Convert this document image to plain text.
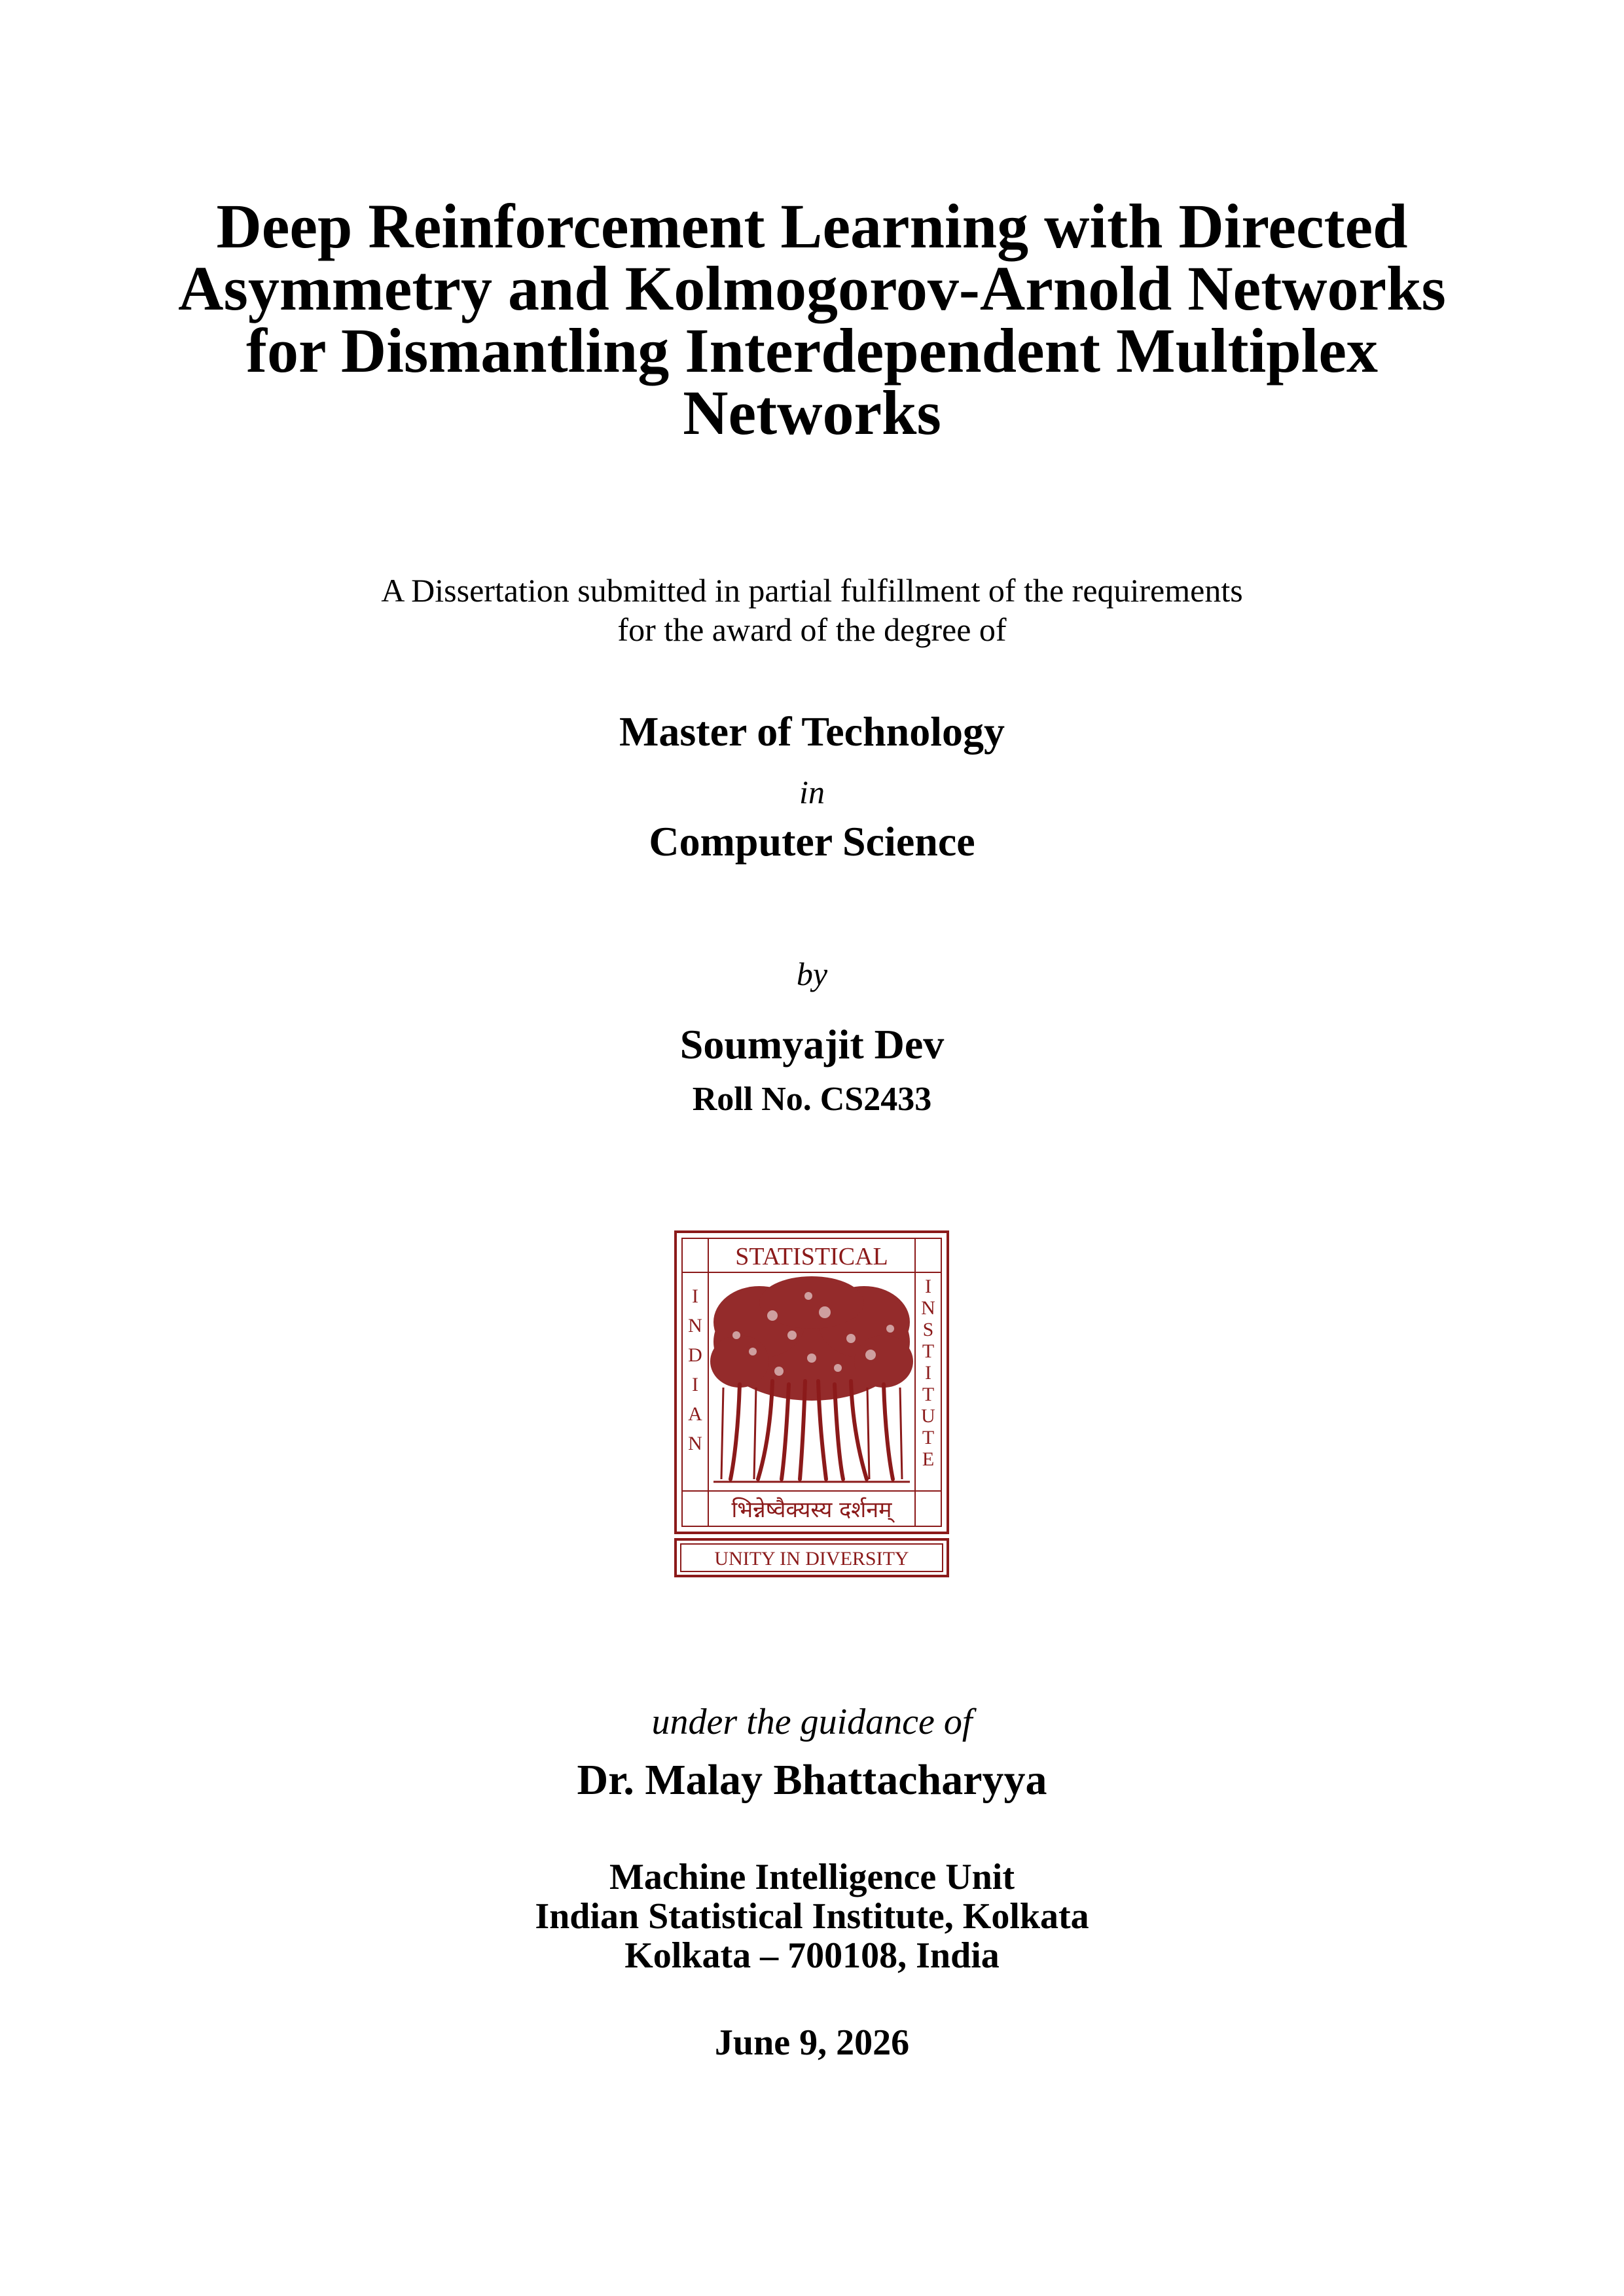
Deep Reinforcement Learning with Directed
Asymmetry and Kolmogorov-Arnold Networks
for Dismantling Interdependent Multiplex
Networks
A Dissertation submitted in partial fulfillment of the requirements
for the award of the degree of
Master of Technology
in
Computer Science
by
Soumyajit Dev
Roll No. CS2433
STATISTICAL
I
N
D
I
A
N
I
N
S
T
I
T
U
T
E
भिन्नेष्वैक्यस्य दर्शनम्
UNITY IN DIVERSITY
under the guidance of
Dr. Malay Bhattacharyya
Machine Intelligence Unit
Indian Statistical Institute, Kolkata
Kolkata – 700108, India
June 9, 2026
